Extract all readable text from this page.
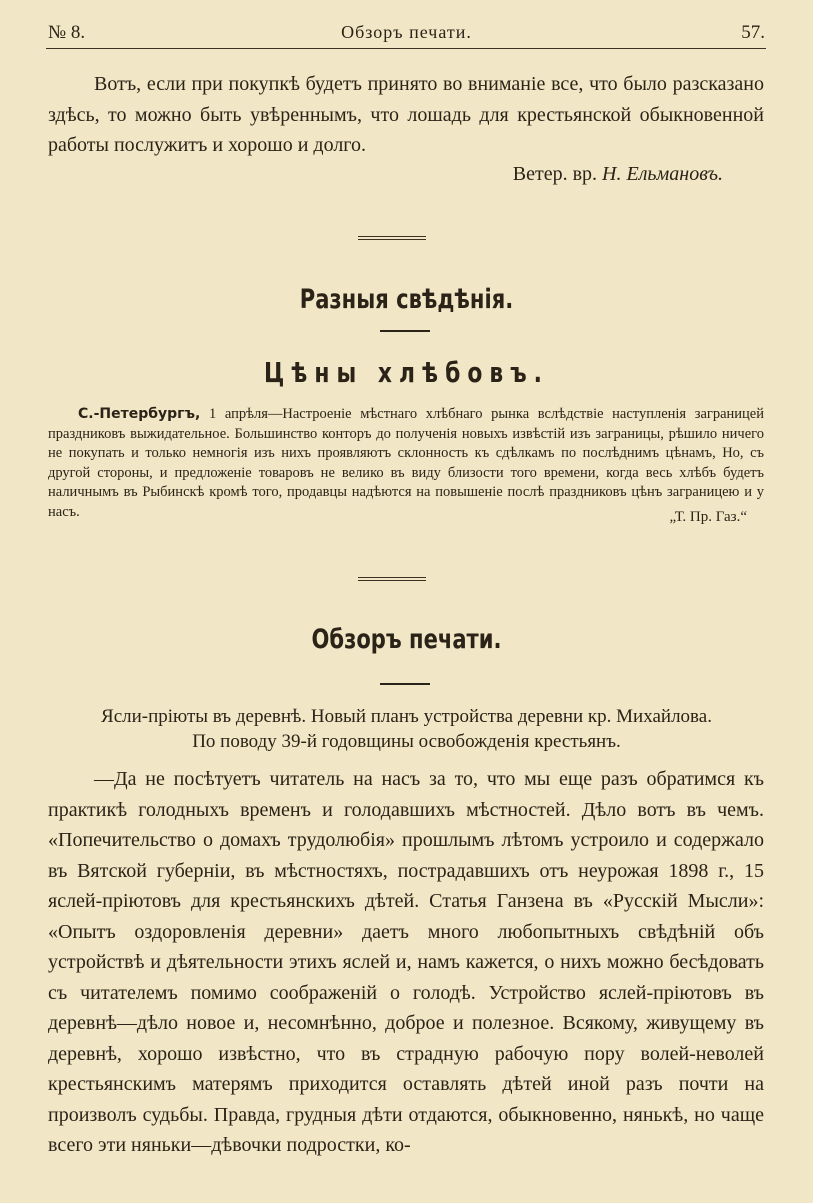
№ 8.	Обзоръ печати.	57.

Вотъ, если при покупкѣ будетъ принято во вниманіе все, что было разсказано здѣсь, то можно быть увѣреннымъ, что лошадь для крестьянской обыкновенной работы послужитъ и хорошо и долго.

Ветер. вр. Н. Ельмановъ.
Разныя свѣдѣнія.
Цѣны хлѣбовъ.

С.-Петербургъ, 1 апрѣля—Настроеніе мѣстнаго хлѣбнаго рынка вслѣдствіе наступленія заграницей праздниковъ выжидательное. Большинство конторъ до полученія новыхъ извѣстій изъ заграницы, рѣшило ничего не покупать и только немногія изъ нихъ проявляютъ склонность къ сдѣлкамъ по послѣднимъ цѣнамъ, Но, съ другой стороны, и предложеніе товаровъ не велико въ виду близости того времени, когда весь хлѣбъ будетъ наличнымъ въ Рыбинскѣ кромѣ того, продавцы надѣются на повышеніе послѣ праздниковъ цѣнъ заграницею и у насъ.	„Т. Пр. Газ.“
Обзоръ печати.
Ясли-пріюты въ деревнѣ. Новый планъ устройства деревни кр. Михайлова.
По поводу 39-й годовщины освобожденія крестьянъ.

—Да не посѣтуетъ читатель на насъ за то, что мы еще разъ обратимся къ практикѣ голодныхъ временъ и голодавшихъ мѣстностей. Дѣло вотъ въ чемъ. «Попечительство о домахъ трудолюбія» прошлымъ лѣтомъ устроило и содержало въ Вятской губерніи, въ мѣстностяхъ, пострадавшихъ отъ неурожая 1898 г., 15 яслей-пріютовъ для крестьянскихъ дѣтей. Статья Ганзена въ «Русскій Мысли»: «Опытъ оздоровленія деревни» даетъ много любопытныхъ свѣдѣній объ устройствѣ и дѣятельности этихъ яслей и, намъ кажется, о нихъ можно бесѣдовать съ читателемъ помимо соображеній о голодѣ. Устройство яслей-пріютовъ въ деревнѣ—дѣло новое и, несомнѣнно, доброе и полезное. Всякому, живущему въ деревнѣ, хорошо извѣстно, что въ страдную рабочую пору волей-неволей крестьянскимъ матерямъ приходится оставлять дѣтей иной разъ почти на произволъ судьбы. Правда, грудныя дѣти отдаются, обыкновенно, нянькѣ, но чаще всего эти няньки—дѣвочки подростки, ко-
